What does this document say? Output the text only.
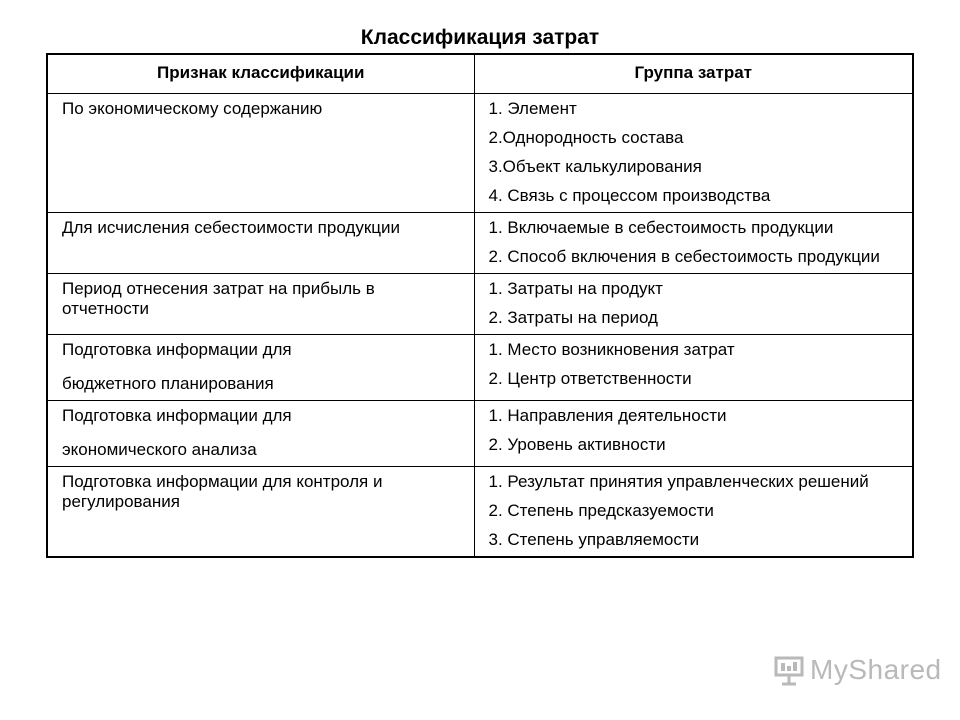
Классификация затрат
Признак классификации	Группа затрат
По экономическому содержанию	1. Элемент
2.Однородность состава
3.Объект калькулирования
4. Связь с процессом производства

Для исчисления себестоимости продукции	1. Включаемые в себестоимость продукции
2. Способ включения в себестоимость продукции

Период отнесения затрат на прибыль в отчетности	1. Затраты на продукт
2. Затраты на период

Подготовка информации для
бюджетного планирования	1. Место возникновения затрат
2. Центр ответственности

Подготовка информации для
экономического анализа	1. Направления деятельности
2. Уровень активности

Подготовка информации для контроля и регулирования	1. Результат принятия управленческих решений
2. Степень предсказуемости
3. Степень управляемости
MyShared
